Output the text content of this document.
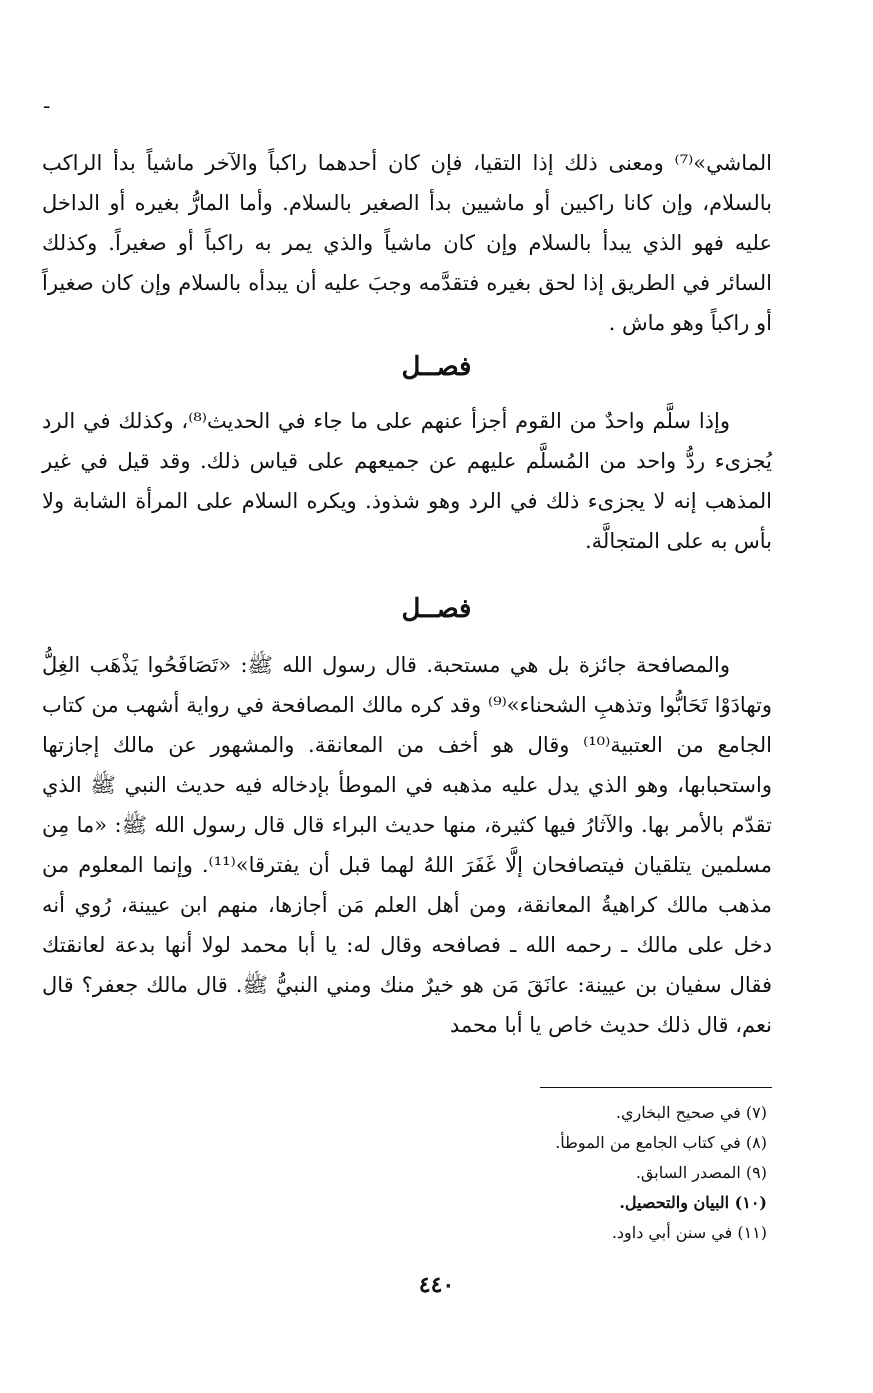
ـ

الماشي»⁽⁷⁾ ومعنى ذلك إذا التقيا، فإن كان أحدهما راكباً والآخر ماشياً بدأ الراكب بالسلام، وإن كانا راكبين أو ماشيين بدأ الصغير بالسلام. وأما المارُّ بغيره أو الداخل عليه فهو الذي يبدأ بالسلام وإن كان ماشياً والذي يمر به راكباً أو صغيراً. وكذلك السائر في الطريق إذا لحق بغيره فتقدَّمه وجبَ عليه أن يبدأه بالسلام وإن كان صغيراً أو راكباً وهو ماش .

فصــل

وإذا سلَّم واحدٌ من القوم أجزأ عنهم على ما جاء في الحديث⁽⁸⁾، وكذلك في الرد يُجزىء ردُّ واحد من المُسلَّم عليهم عن جميعهم على قياس ذلك. وقد قيل في غير المذهب إنه لا يجزىء ذلك في الرد وهو شذوذ. ويكره السلام على المرأة الشابة ولا بأس به على المتجالَّة.

فصــل

والمصافحة جائزة بل هي مستحبة. قال رسول الله ﷺ: «تَصَافَحُوا يَذْهَب الغِلُّ وتهادَوْا تَحَابُّوا وتذهبِ الشحناء»⁽⁹⁾ وقد كره مالك المصافحة في رواية أشهب من كتاب الجامع من العتبية⁽¹⁰⁾ وقال هو أخف من المعانقة. والمشهور عن مالك إجازتها واستحبابها، وهو الذي يدل عليه مذهبه في الموطأ بإدخاله فيه حديث النبي ﷺ الذي تقدّم بالأمر بها. والآثارُ فيها كثيرة، منها حديث البراء قال قال رسول الله ﷺ: «ما مِن مسلمين يتلقيان فيتصافحان إلَّا غَفَرَ اللهُ لهما قبل أن يفترقا»⁽¹¹⁾. وإنما المعلوم من مذهب مالك كراهيةُ المعانقة، ومن أهل العلم مَن أجازها، منهم ابن عيينة، رُوي أنه دخل على مالك ـ رحمه الله ـ فصافحه وقال له: يا أبا محمد لولا أنها بدعة لعانقتك فقال سفيان بن عيينة: عانَقَ مَن هو خيرٌ منك ومني النبيُّ ﷺ. قال مالك جعفر؟ قال نعم، قال ذلك حديث خاص يا أبا محمد

(٧) في صحيح البخاري.
(٨) في كتاب الجامع من الموطأ.
(٩) المصدر السابق.
(١٠) البيان والتحصيل.
(١١) في سنن أبي داود.
٤٤٠
